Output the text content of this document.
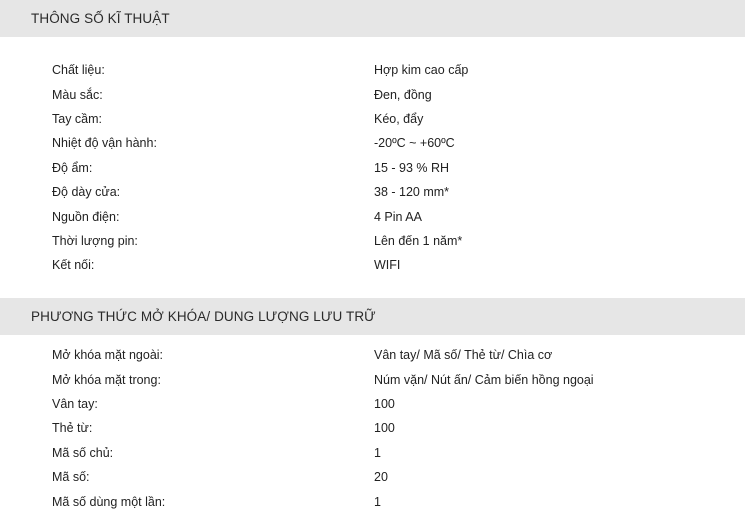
THÔNG SỐ KĨ THUẬT
Chất liệu:	Hợp kim cao cấp
Màu sắc:	Đen, đồng
Tay cầm:	Kéo, đẩy
Nhiệt độ vận hành:	-20ºC ~ +60ºC
Độ ẩm:	15 - 93 % RH
Độ dày cửa:	38 - 120 mm*
Nguồn điện:	4 Pin AA
Thời lượng pin:	Lên đến 1 năm*
Kết nối:	WIFI
PHƯƠNG THỨC MỞ KHÓA/ DUNG LƯỢNG LƯU TRỮ
Mở khóa mặt ngoài:	Vân tay/ Mã số/ Thẻ từ/ Chìa cơ
Mở khóa mặt trong:	Núm vặn/ Nút ấn/ Cảm biến hồng ngoại
Vân tay:	100
Thẻ từ:	100
Mã số chủ:	1
Mã số:	20
Mã số dùng một lần:	1
